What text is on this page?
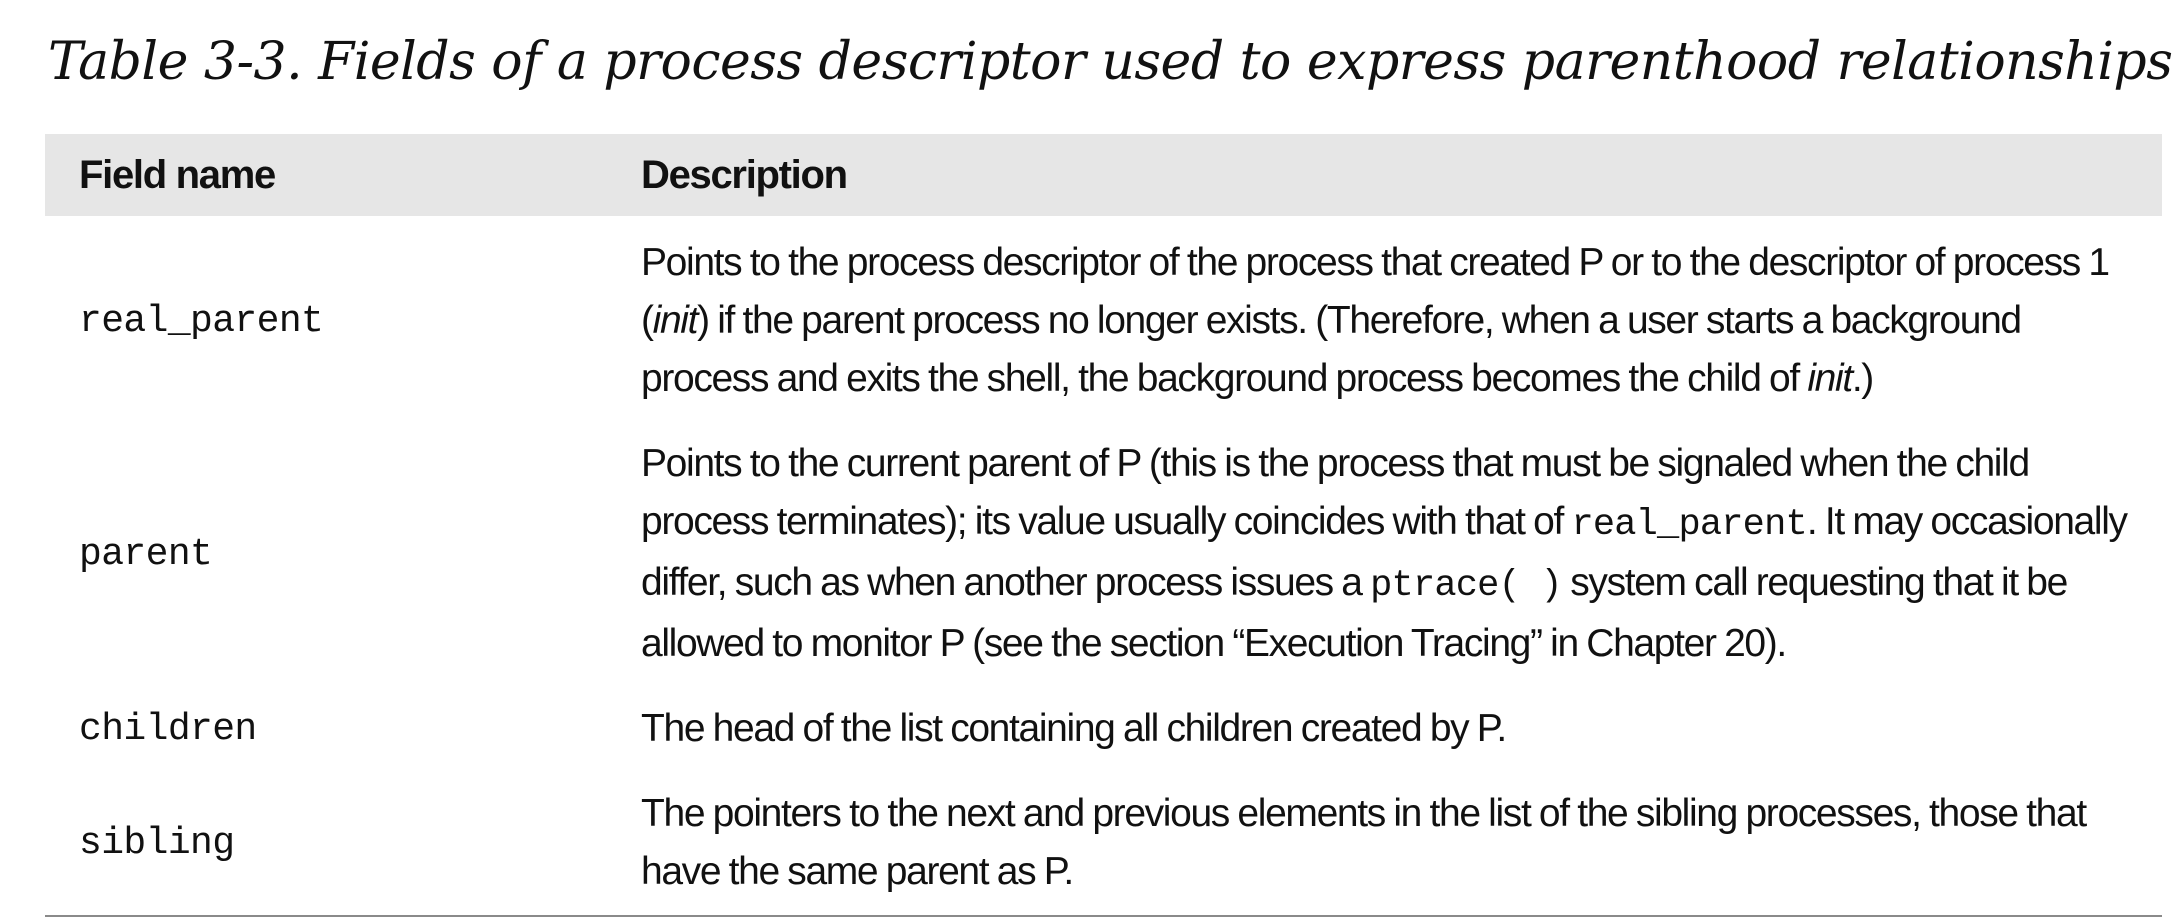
Table 3-3. Fields of a process descriptor used to express parenthood relationships
Field name	Description
real_parent	Points to the process descriptor of the process that created P or to the descriptor of process 1 (init) if the parent process no longer exists. (Therefore, when a user starts a background process and exits the shell, the background process becomes the child of init.)
parent	Points to the current parent of P (this is the process that must be signaled when the child process terminates); its value usually coincides with that of real_parent. It may occasionally differ, such as when another process issues a ptrace( ) system call requesting that it be allowed to monitor P (see the section “Execution Tracing” in Chapter 20).
children	The head of the list containing all children created by P.
sibling	The pointers to the next and previous elements in the list of the sibling processes, those that have the same parent as P.
